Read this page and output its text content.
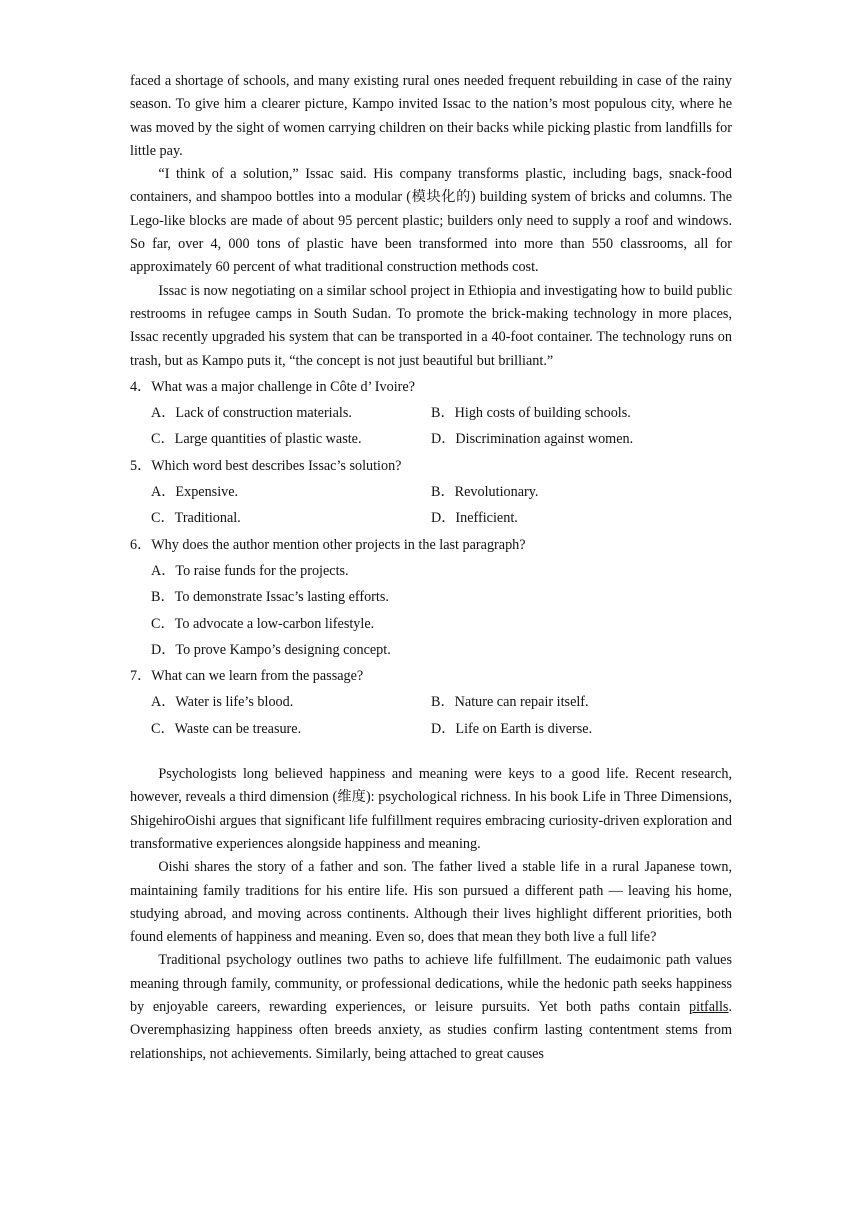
faced a shortage of schools, and many existing rural ones needed frequent rebuilding in case of the rainy season. To give him a clearer picture, Kampo invited Issac to the nation’s most populous city, where he was moved by the sight of women carrying children on their backs while picking plastic from landfills for little pay.

“I think of a solution,” Issac said. His company transforms plastic, including bags, snack-food containers, and shampoo bottles into a modular (模块化的) building system of bricks and columns. The Lego-like blocks are made of about 95 percent plastic; builders only need to supply a roof and windows. So far, over 4, 000 tons of plastic have been transformed into more than 550 classrooms, all for approximately 60 percent of what traditional construction methods cost.

Issac is now negotiating on a similar school project in Ethiopia and investigating how to build public restrooms in refugee camps in South Sudan. To promote the brick-making technology in more places, Issac recently upgraded his system that can be transported in a 40-foot container. The technology runs on trash, but as Kampo puts it, “the concept is not just beautiful but brilliant.”

4．What was a major challenge in Côte d’ Ivoire?

A．Lack of construction materials.	B．High costs of building schools.
C．Large quantities of plastic waste.	D．Discrimination against women.

5．Which word best describes Issac’s solution?

A．Expensive.	B．Revolutionary.
C．Traditional.	D．Inefficient.

6．Why does the author mention other projects in the last paragraph?

A．To raise funds for the projects.
B．To demonstrate Issac’s lasting efforts.
C．To advocate a low-carbon lifestyle.
D．To prove Kampo’s designing concept.

7．What can we learn from the passage?

A．Water is life’s blood.	B．Nature can repair itself.
C．Waste can be treasure.	D．Life on Earth is diverse.

Psychologists long believed happiness and meaning were keys to a good life. Recent research, however, reveals a third dimension (维度): psychological richness. In his book Life in Three Dimensions, ShigehiroOishi argues that significant life fulfillment requires embracing curiosity-driven exploration and transformative experiences alongside happiness and meaning.

Oishi shares the story of a father and son. The father lived a stable life in a rural Japanese town, maintaining family traditions for his entire life. His son pursued a different path — leaving his home, studying abroad, and moving across continents. Although their lives highlight different priorities, both found elements of happiness and meaning. Even so, does that mean they both live a full life?

Traditional psychology outlines two paths to achieve life fulfillment. The eudaimonic path values meaning through family, community, or professional dedications, while the hedonic path seeks happiness by enjoyable careers, rewarding experiences, or leisure pursuits. Yet both paths contain pitfalls. Overemphasizing happiness often breeds anxiety, as studies confirm lasting contentment stems from relationships, not achievements. Similarly, being attached to great causes
